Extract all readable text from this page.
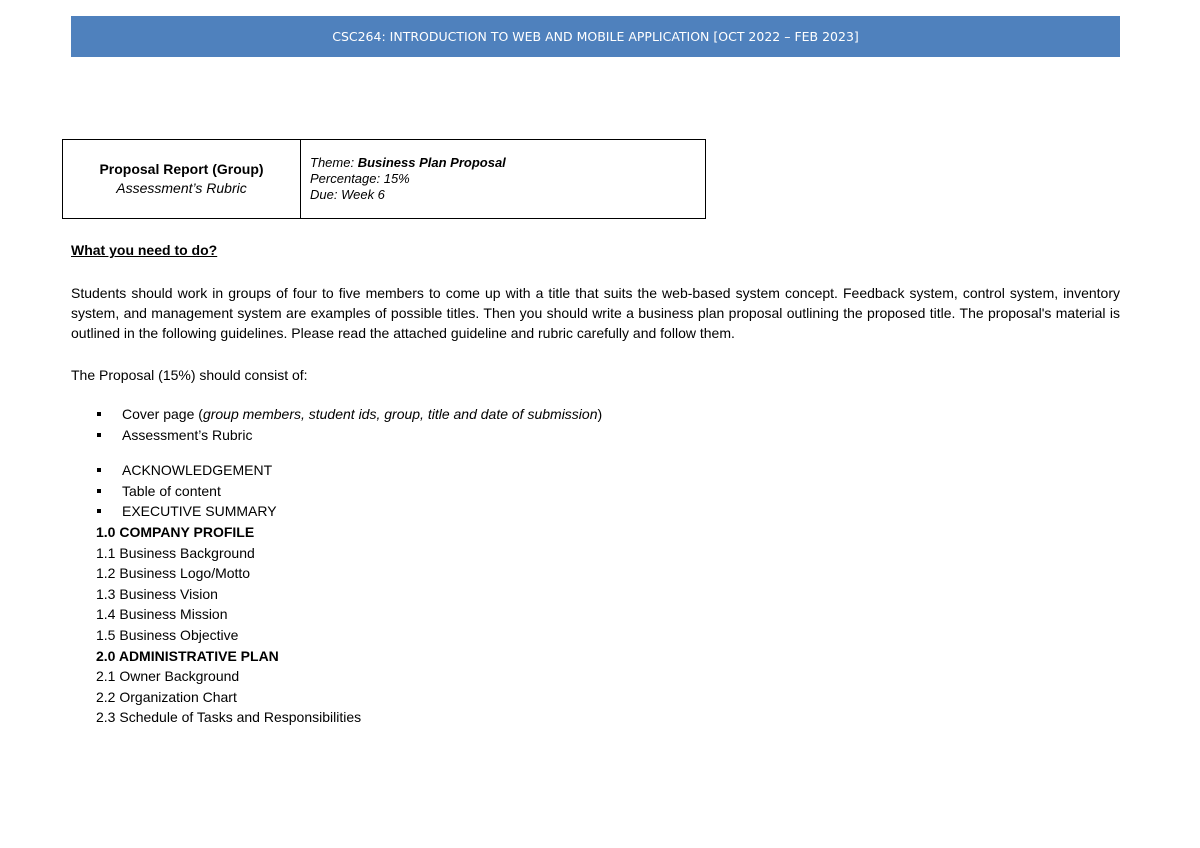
CSC264: INTRODUCTION TO WEB AND MOBILE APPLICATION [OCT 2022 – FEB 2023]
Proposal Report (Group)
Assessment’s Rubric
Theme: Business Plan Proposal
Percentage: 15%
Due: Week 6
What you need to do?
Students should work in groups of four to five members to come up with a title that suits the web-based system concept. Feedback system, control system, inventory system, and management system are examples of possible titles. Then you should write a business plan proposal outlining the proposed title. The proposal's material is outlined in the following guidelines. Please read the attached guideline and rubric carefully and follow them.
The Proposal (15%) should consist of:
Cover page (group members, student ids, group, title and date of submission)
Assessment’s Rubric
ACKNOWLEDGEMENT
Table of content
EXECUTIVE SUMMARY
1.0 COMPANY PROFILE
1.1 Business Background
1.2 Business Logo/Motto
1.3 Business Vision
1.4 Business Mission
1.5 Business Objective
2.0 ADMINISTRATIVE PLAN
2.1 Owner Background
2.2 Organization Chart
2.3 Schedule of Tasks and Responsibilities
